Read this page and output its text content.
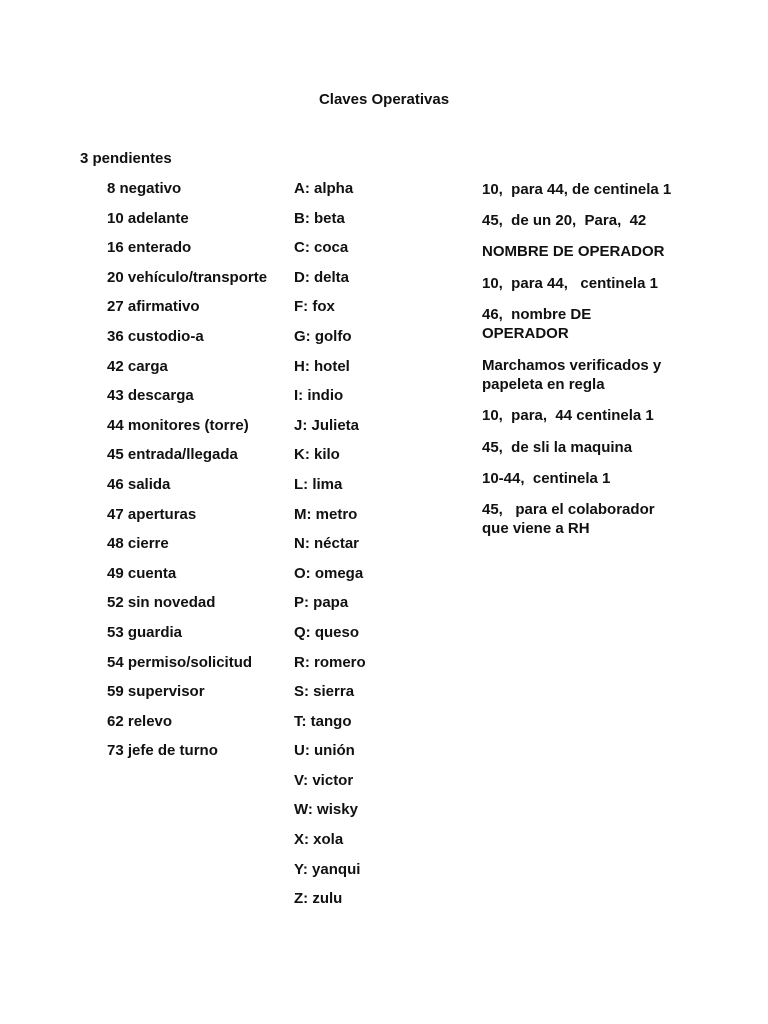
Claves Operativas
3 pendientes
8 negativo
10 adelante
16 enterado
20 vehículo/transporte
27 afirmativo
36 custodio-a
42 carga
43 descarga
44 monitores (torre)
45 entrada/llegada
46 salida
47 aperturas
48 cierre
49 cuenta
52 sin novedad
53 guardia
54 permiso/solicitud
59 supervisor
62 relevo
73 jefe de turno
A: alpha
B: beta
C: coca
D: delta
F: fox
G: golfo
H: hotel
I: indio
J: Julieta
K: kilo
L: lima
M: metro
N: néctar
O: omega
P: papa
Q: queso
R: romero
S: sierra
T: tango
U: unión
V: victor
W: wisky
X: xola
Y: yanqui
Z: zulu
10,  para 44, de centinela 1
45,  de un 20,  Para,  42
NOMBRE DE OPERADOR
10,  para 44,   centinela 1
46,  nombre DE OPERADOR
Marchamos verificados y papeleta en regla
10,  para,  44 centinela 1
45,  de sli la maquina
10-44,  centinela 1
45,   para el colaborador que viene a RH
